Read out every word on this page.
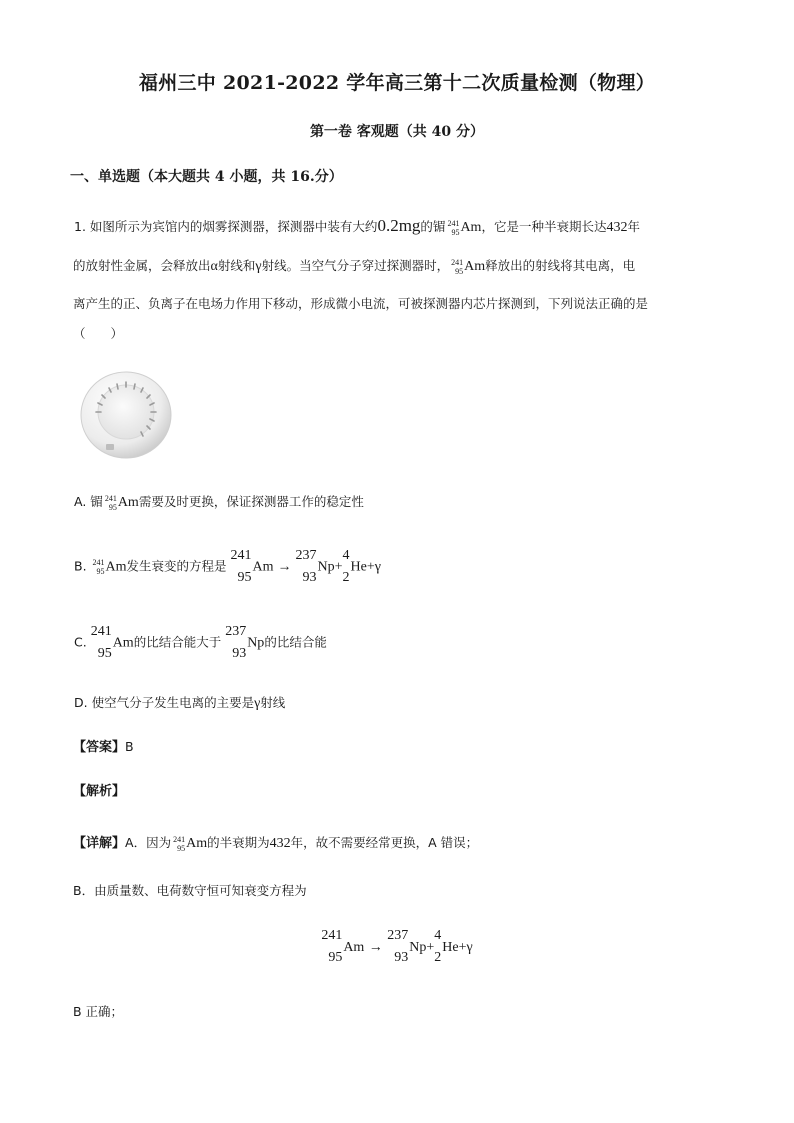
福州三中 2021-2022 学年高三第十二次质量检测（物理）
第一卷 客观题（共 40 分）
一、单选题（本大题共 4 小题，共 16.分）
1. 如图所示为宾馆内的烟雾探测器，探测器中装有大约0.2mg的镅 241
95 Am，它是一种半衰期长达432年
的放射性金属，会释放出α射线和γ射线。当空气分子穿过探测器时， 241
95 Am释放出的射线将其电离，电
离产生的正、负离子在电场力作用下移动，形成微小电流，可被探测器内芯片探测到，下列说法正确的是
（　　）
A. 镅 241
95 Am需要及时更换，保证探测器工作的稳定性
B. 241
95 Am发生衰变的方程是
241
95
Am →
237
93
Np+
4
2
He+γ
C.
241
95
Am的比结合能大于
237
93
Np的比结合能
D. 使空气分子发生电离的主要是γ射线
【答案】B
【解析】
【详解】A．因为 241
95 Am的半衰期为432年，故不需要经常更换，A 错误；
B．由质量数、电荷数守恒可知衰变方程为
241
95
Am →
237
93
Np+
4
2
He+γ
B 正确；
